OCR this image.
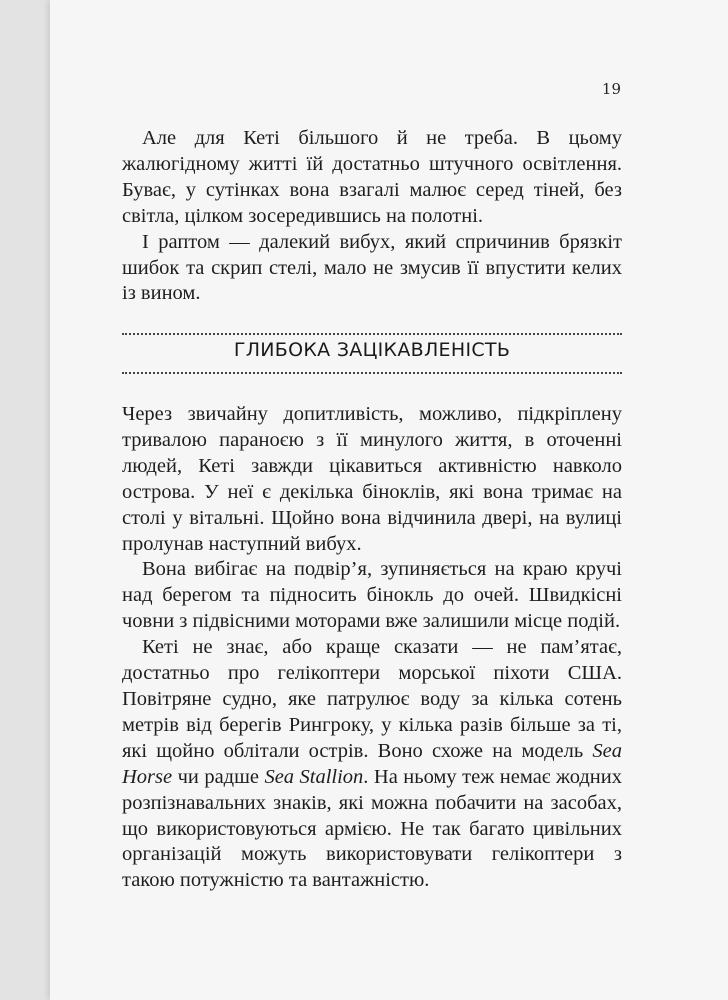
19

Але для Кеті більшого й не треба. В цьому жалюгідному житті їй достатньо штучного освітлення. Буває, у сутінках вона взагалі малює серед тіней, без світла, цілком зосередившись на полотні.

І раптом — далекий вибух, який спричинив брязкіт шибок та скрип стелі, мало не змусив її впустити келих із вином.

ГЛИБОКА ЗАЦІКАВЛЕНІСТЬ

Через звичайну допитливість, можливо, підкріплену тривалою параноєю з її минулого життя, в оточенні людей, Кеті завжди цікавиться активністю навколо острова. У неї є декілька біноклів, які вона тримає на столі у вітальні. Щойно вона відчинила двері, на вулиці пролунав наступний вибух.

Вона вибігає на подвір’я, зупиняється на краю кручі над берегом та підносить бінокль до очей. Швидкісні човни з підвісними моторами вже залишили місце подій.

Кеті не знає, або краще сказати — не пам’ятає, достатньо про гелікоптери морської піхоти США. Повітряне судно, яке патрулює воду за кілька сотень метрів від берегів Рингроку, у кілька разів більше за ті, які щойно облітали острів. Воно схоже на модель Sea Horse чи радше Sea Stallion. На ньому теж немає жодних розпізнавальних знаків, які можна побачити на засобах, що використовуються армією. Не так багато цивільних організацій можуть використовувати гелікоптери з такою потужністю та вантажністю.
